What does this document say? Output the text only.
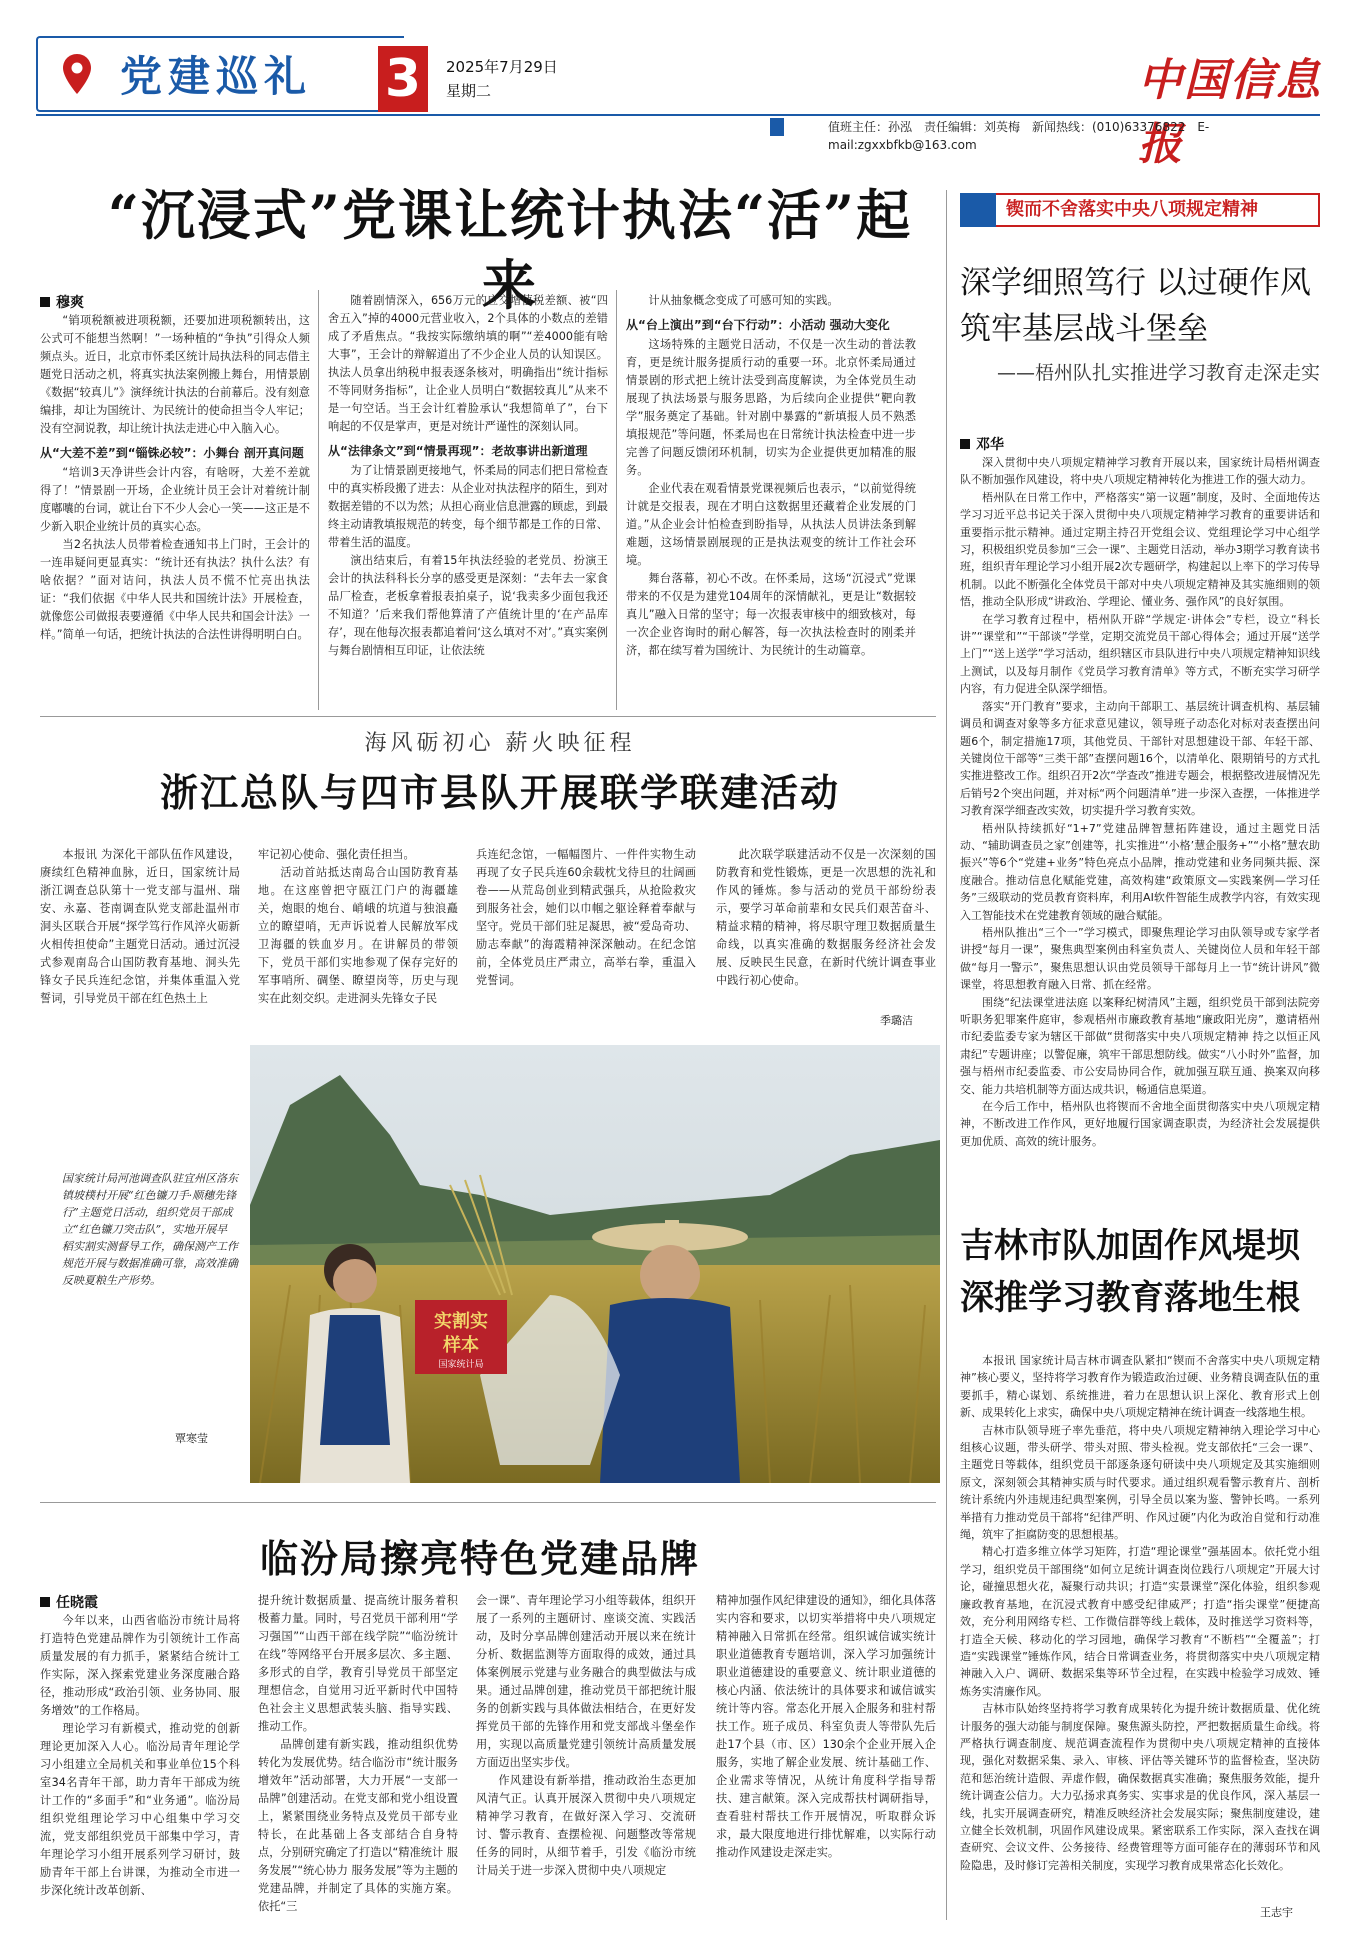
党建巡礼 3	2025年7月29日
星期二	中国信息报
值班主任：孙泓　责任编辑：刘英梅　新闻热线：(010)63376822　E-mail:zgxxbfkb@163.com
“沉浸式”党课让统计执法“活”起来
穆爽

“销项税额被进项税额，还要加进项税额转出，这公式可不能想当然啊！”一场种植的“争执”引得众人频频点头。近日，北京市怀柔区统计局执法科的同志借主题党日活动之机，将真实执法案例搬上舞台，用情景剧《数据“较真儿”》演绎统计执法的台前幕后。没有刻意编排，却让为国统计、为民统计的使命担当令人牢记；没有空洞说教，却让统计执法走进心中入脑入心。

从“大差不差”到“锱铢必较”：小舞台 剖开真问题

“培训3天净讲些会计内容，有啥呀，大差不差就得了！”情景剧一开场，企业统计员王会计对着统计制度嘟囔的台词，就让台下不少人会心一笑——这正是不少新入职企业统计员的真实心态。

当2名执法人员带着检查通知书上门时，王会计的一连串疑问更显真实：“统计还有执法？执什么法？有啥依据？”面对诘问，执法人员不慌不忙亮出执法证：“我们依据《中华人民共和国统计法》开展检查，就像您公司做报表要遵循《中华人民共和国会计法》一样。”简单一句话，把统计执法的合法性讲得明明白白。

随着剧情深入，656万元的应交增值税差额、被“四舍五入”掉的4000元营业收入，2个具体的小数点的差错成了矛盾焦点。“我按实际缴纳填的啊”“差4000能有啥大事”，王会计的辩解道出了不少企业人员的认知误区。执法人员拿出纳税申报表逐条核对，明确指出“统计指标不等同财务指标”，让企业人员明白“数据较真儿”从来不是一句空话。当王会计红着脸承认“我想简单了”，台下响起的不仅是掌声，更是对统计严谨性的深刻认同。

从“法律条文”到“情景再现”：老故事讲出新道理

为了让情景剧更接地气，怀柔局的同志们把日常检查中的真实桥段搬了进去：从企业对执法程序的陌生，到对数据差错的不以为然；从担心商业信息泄露的顾虑，到最终主动请教填报规范的转变，每个细节都是工作的日常、带着生活的温度。

演出结束后，有着15年执法经验的老党员、扮演王会计的执法科科长分享的感受更是深刻：“去年去一家食品厂检查，老板拿着报表拍桌子，说‘我卖多少面包我还不知道？’后来我们帮他算清了产值统计里的‘在产品库存’，现在他每次报表都追着问‘这么填对不对’。”真实案例与舞台剧情相互印证，让依法统

计从抽象概念变成了可感可知的实践。

从“台上演出”到“台下行动”：小活动 强动大变化

这场特殊的主题党日活动，不仅是一次生动的普法教育，更是统计服务提质行动的重要一环。北京怀柔局通过情景剧的形式把上统计法受到高度解读，为全体党员生动展现了执法场景与服务思路，为后续向企业提供“靶向教学”服务奠定了基础。针对剧中暴露的“新填报人员不熟悉填报规范”等问题，怀柔局也在日常统计执法检查中进一步完善了问题反馈闭环机制，切实为企业提供更加精准的服务。

企业代表在观看情景党课视频后也表示，“以前觉得统计就是交报表，现在才明白这数据里还藏着企业发展的门道。”从企业会计怕检查到盼指导，从执法人员讲法条到解难题，这场情景剧展现的正是执法观变的统计工作社会环境。

舞台落幕，初心不改。在怀柔局，这场“沉浸式”党课带来的不仅是为建党104周年的深情献礼，更是让“数据较真儿”融入日常的坚守；每一次报表审核中的细致核对，每一次企业咨询时的耐心解答，每一次执法检查时的刚柔并济，都在续写着为国统计、为民统计的生动篇章。

锲而不舍落实中央八项规定精神
深学细照笃行 以过硬作风筑牢基层战斗堡垒
——梧州队扎实推进学习教育走深走实
邓华

深入贯彻中央八项规定精神学习教育开展以来，国家统计局梧州调查队不断加强作风建设，将中央八项规定精神转化为推进工作的强大动力。

梧州队在日常工作中，严格落实“第一议题”制度，及时、全面地传达学习习近平总书记关于深入贯彻中央八项规定精神学习教育的重要讲话和重要指示批示精神。通过定期主持召开党组会议、党组理论学习中心组学习，积极组织党员参加“三会一课”、主题党日活动，举办3期学习教育读书班，组织青年理论学习小组开展2次专题研学，构建起以上率下的学习传导机制。以此不断强化全体党员干部对中央八项规定精神及其实施细则的领悟，推动全队形成“讲政治、学理论、懂业务、强作风”的良好氛围。

在学习教育过程中，梧州队开辟“学规定·讲体会”专栏，设立“科长讲”“课堂和”“干部谈”学堂，定期交流党员干部心得体会；通过开展“送学上门”“送上送学”学习活动，组织辖区市县队进行中央八项规定精神知识线上测试，以及每月制作《党员学习教育清单》等方式，不断充实学习研学内容，有力促进全队深学细悟。

落实“开门教育”要求，主动向干部职工、基层统计调查机构、基层辅调员和调查对象等多方征求意见建议，领导班子动态化对标对表查摆出问题6个，制定措施17项，其他党员、干部针对思想建设干部、年轻干部、关键岗位干部等“三类干部”查摆问题16个，以清单化、限期销号的方式扎实推进整改工作。组织召开2次“学查改”推进专题会，根据整改进展情况先后销号2个突出问题，并对标“两个问题清单”进一步深入查摆，一体推进学习教育深学细查改实效，切实提升学习教育实效。

梧州队持续抓好“1+7”党建品牌智慧拓阵建设，通过主题党日活动、“辅助调查员之家”创建等，扎实推进“‘小格’慧企服务+”“小格”慧农助振兴”等6个“党建+业务”特色亮点小品牌，推动党建和业务同频共振、深度融合。推动信息化赋能党建，高效构建“政策原文—实践案例—学习任务”三级联动的党员教育资料库，利用AI软件智能生成教学内容，有效实现入工智能技术在党建教育领域的融合赋能。

梧州队推出“三个一”学习模式，即聚焦理论学习由队领导或专家学者讲授“每月一课”，聚焦典型案例由科室负责人、关键岗位人员和年轻干部做“每月一警示”，聚焦思想认识由党员领导干部每月上一节“统计讲风”微课堂，将思想教育融入日常、抓在经常。

围绕“纪法课堂进法庭 以案释纪树清风”主题，组织党员干部到法院旁听职务犯罪案件庭审，参观梧州市廉政教育基地“廉政阳光房”，邀请梧州市纪委监委专家为辖区干部做“贯彻落实中央八项规定精神 持之以恒正风肃纪”专题讲座；以警促廉，筑牢干部思想防线。做实“八小时外”监督，加强与梧州市纪委监委、市公安局协同合作，就加强互联互通、换案双向移交、能力共培机制等方面达成共识，畅通信息渠道。

在今后工作中，梧州队也将锲而不舍地全面贯彻落实中央八项规定精神，不断改进工作作风，更好地履行国家调查职责，为经济社会发展提供更加优质、高效的统计服务。

吉林市队加固作风堤坝 深推学习教育落地生根

本报讯 国家统计局吉林市调查队紧扣“锲而不舍落实中央八项规定精神”核心要义，坚持将学习教育作为锻造政治过硬、业务精良调查队伍的重要抓手，精心谋划、系统推进，着力在思想认识上深化、教育形式上创新、成果转化上求实，确保中央八项规定精神在统计调查一线落地生根。

吉林市队领导班子率先垂范，将中央八项规定精神纳入理论学习中心组核心议题，带头研学、带头对照、带头检视。党支部依托“三会一课”、主题党日等载体，组织党员干部逐条逐句研读中央八项规定及其实施细则原文，深刻领会其精神实质与时代要求。通过组织观看警示教育片、剖析统计系统内外违规违纪典型案例，引导全员以案为鉴、警钟长鸣。一系列举措有力推动党员干部将“纪律严明、作风过硬”内化为政治自觉和行动准绳，筑牢了拒腐防变的思想根基。

精心打造多维立体学习矩阵，打造“理论课堂”强基固本。依托党小组学习，组织党员干部围绕“如何立足统计调查岗位践行八项规定”开展大讨论，碰撞思想火花，凝聚行动共识；打造“实景课堂”深化体验，组织参观廉政教育基地，在沉浸式教育中感受纪律威严；打造“指尖课堂”便捷高效，充分利用网络专栏、工作微信群等线上载体，及时推送学习资料等，打造全天候、移动化的学习园地，确保学习教育“不断档”“全覆盖”；打造“实践课堂”锤炼作风，结合日常调查业务，将贯彻落实中央八项规定精神融入入户、调研、数据采集等环节全过程，在实践中检验学习成效、锤炼务实清廉作风。

吉林市队始终坚持将学习教育成果转化为提升统计数据质量、优化统计服务的强大动能与制度保障。聚焦源头防控，严把数据质量生命线。将严格执行调查制度、规范调查流程作为贯彻中央八项规定精神的直接体现，强化对数据采集、录入、审核、评估等关键环节的监督检查，坚决防范和惩治统计造假、弄虚作假，确保数据真实准确；聚焦服务效能，提升统计调查公信力。大力弘扬求真务实、实事求是的优良作风，深入基层一线，扎实开展调查研究，精准反映经济社会发展实际；聚焦制度建设，建立健全长效机制，巩固作风建设成果。紧密联系工作实际，深入查找在调查研究、会议文件、公务接待、经费管理等方面可能存在的薄弱环节和风险隐患，及时修订完善相关制度，实现学习教育成果常态化长效化。

王志宇
海风砺初心 薪火映征程
浙江总队与四市县队开展联学联建活动

本报讯 为深化干部队伍作风建设，赓续红色精神血脉，近日，国家统计局浙江调查总队第十一党支部与温州、瑞安、永嘉、苍南调查队党支部赴温州市洞头区联合开展“探学笃行作风淬火砺新火相传担使命”主题党日活动。通过沉浸式参观南岛合山国防教育基地、洞头先锋女子民兵连纪念馆，并集体重温入党誓词，引导党员干部在红色热土上

牢记初心使命、强化责任担当。

活动首站抵达南岛合山国防教育基地。在这座曾把守瓯江门户的海疆雄关，炮眼的炮台、峭峨的坑道与独浪矗立的瞭望哨，无声诉说着人民解放军戍卫海疆的铁血岁月。在讲解员的带领下，党员干部们实地参观了保存完好的军事哨所、碉堡、瞭望岗等，历史与现实在此刻交织。走进洞头先锋女子民

兵连纪念馆，一幅幅图片、一件件实物生动再现了女子民兵连60余载枕戈待旦的壮阔画卷——从荒岛创业到精武强兵，从抢险救灾到服务社会，她们以巾帼之躯诠释着奉献与坚守。党员干部们驻足凝思，被“爱岛奇功、励志奉献”的海霞精神深深触动。在纪念馆前，全体党员庄严肃立，高举右拳，重温入党誓词。

此次联学联建活动不仅是一次深刻的国防教育和党性锻炼，更是一次思想的洗礼和作风的锤炼。参与活动的党员干部纷纷表示，要学习革命前辈和女民兵们艰苦奋斗、精益求精的精神，将尽职守理卫数据质量生命线，以真实准确的数据服务经济社会发展、反映民生民意，在新时代统计调查事业中践行初心使命。

季璐洁
实割实
样本
国家统计局
国家统计局河池调查队驻宜州区洛东镇坡樸村开展“红色镰刀手·顺穗先锋行”主题党日活动，组织党员干部成立“红色镰刀突击队”，实地开展早稻实割实测督导工作，确保测产工作规范开展与数据准确可靠，高效准确反映夏粮生产形势。
覃寒莹
临汾局擦亮特色党建品牌
任晓霞

今年以来，山西省临汾市统计局将打造特色党建品牌作为引领统计工作高质量发展的有力抓手，紧紧结合统计工作实际，深入探索党建业务深度融合路径，推动形成“政治引领、业务协同、服务增效”的工作格局。

理论学习有新模式，推动党的创新理论更加深入人心。临汾局青年理论学习小组建立全局机关和事业单位15个科室34名青年干部，助力青年干部成为统计工作的“多面手”和“业务通”。临汾局组织党组理论学习中心组集中学习交流，党支部组织党员干部集中学习，青年理论学习小组开展系列学习研讨，鼓励青年干部上台讲课，为推动全市进一步深化统计改革创新、

提升统计数据质量、提高统计服务着积极蓄力量。同时，号召党员干部利用“学习强国”“山西干部在线学院”“临汾统计在线”等网络平台开展多层次、多主题、多形式的自学，教育引导党员干部坚定理想信念，自觉用习近平新时代中国特色社会主义思想武装头脑、指导实践、推动工作。

品牌创建有新实践，推动组织优势转化为发展优势。结合临汾市“统计服务增效年”活动部署，大力开展“一支部一品牌”创建活动。在党支部和党小组设置上，紧紧围绕业务特点及党员干部专业特长，在此基础上各支部结合自身特点，分别研究确定了打造以“精准统计 服务发展”“统心协力 服务发展”等为主题的党建品牌，并制定了具体的实施方案。依托“三

会一课”、青年理论学习小组等载体，组织开展了一系列的主题研讨、座谈交流、实践活动，及时分享品牌创建活动开展以来在统计分析、数据监测等方面取得的成效，通过具体案例展示党建与业务融合的典型做法与成果。通过品牌创建，推动党员干部把统计服务的创新实践与具体做法相结合，在更好发挥党员干部的先锋作用和党支部战斗堡垒作用，实现以高质量党建引领统计高质量发展方面迈出坚实步伐。

作风建设有新举措，推动政治生态更加风清气正。认真开展深入贯彻中央八项规定精神学习教育，在做好深入学习、交流研讨、警示教育、查摆检视、问题整改等常规任务的同时，从细节着手，引发《临汾市统计局关于进一步深入贯彻中央八项规定

精神加强作风纪律建设的通知》，细化具体落实内容和要求，以切实举措将中央八项规定精神融入日常抓在经常。组织诚信诚实统计职业道德教育专题培训，深入学习加强统计职业道德建设的重要意义、统计职业道德的核心内涵、依法统计的具体要求和诚信诚实统计等内容。常态化开展入企服务和驻村帮扶工作。班子成员、科室负责人等带队先后赴17个县（市、区）130余个企业开展入企服务，实地了解企业发展、统计基础工作、企业需求等情况，从统计角度科学指导帮扶、建言献策。深入完成帮扶村调研指导，查看驻村帮扶工作开展情况，听取群众诉求，最大限度地进行排忧解难，以实际行动推动作风建设走深走实。
